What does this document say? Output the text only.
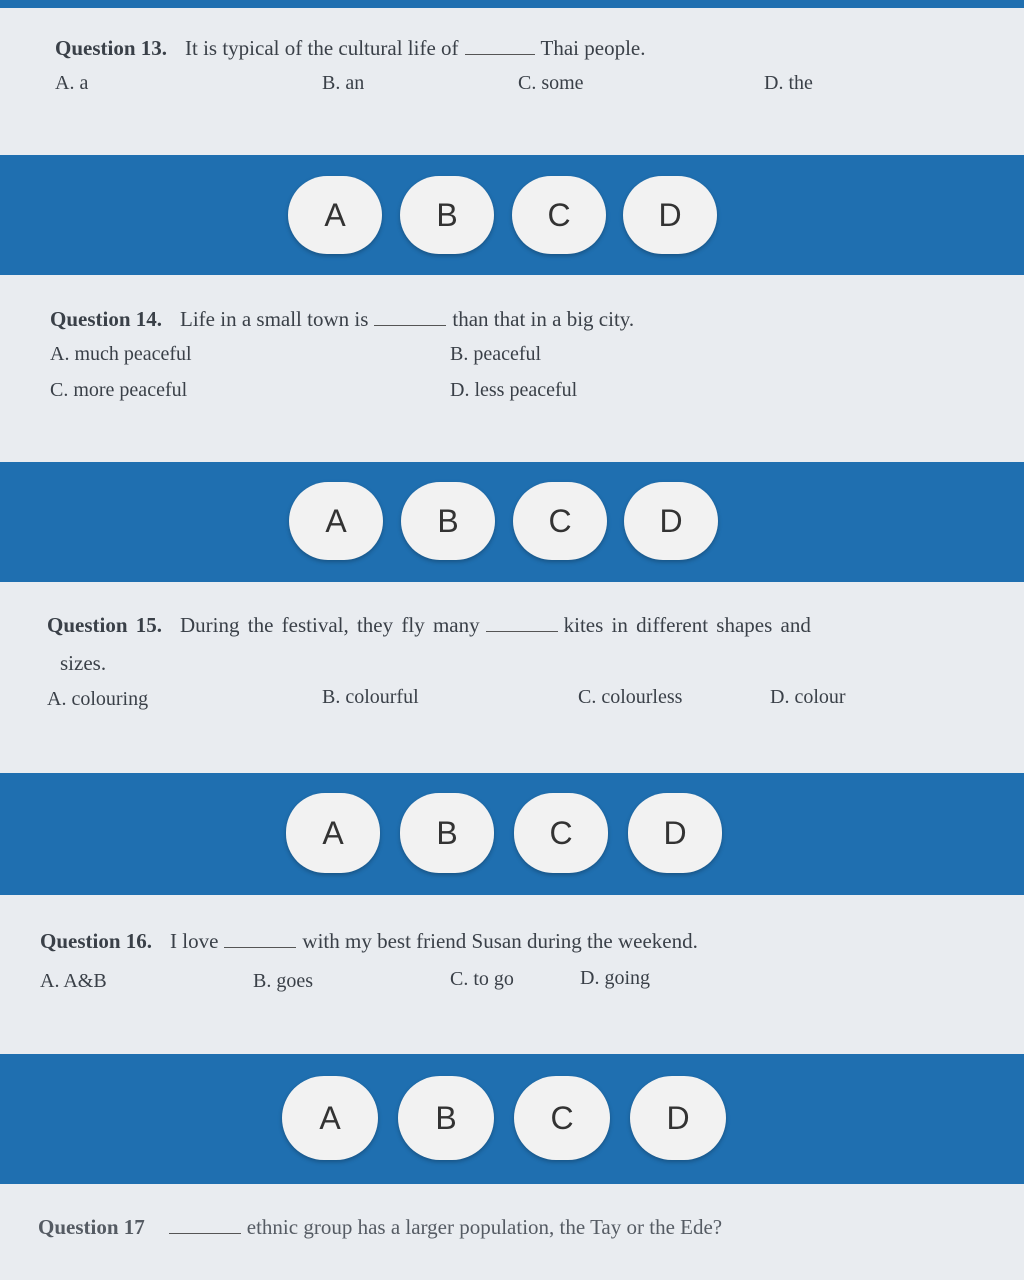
Question 13. It is typical of the cultural life of	Thai people.
A. a	B. an	C. some	D. the
A	B	C	D
Question 14. Life in a small town is	than that in a big city.
A. much peaceful	B. peaceful
C. more peaceful	D. less peaceful
A	B	C	D
Question 15. During the festival, they fly many	kites in different shapes and
sizes.
A. colouring	B. colourful	C. colourless	D. colour
A	B	C	D
Question 16. I love	with my best friend Susan during the weekend.
A. A&B	B. goes	C. to go	D. going
A	B	C	D
Question 17	ethnic group has a larger population, the Tay or the Ede?
